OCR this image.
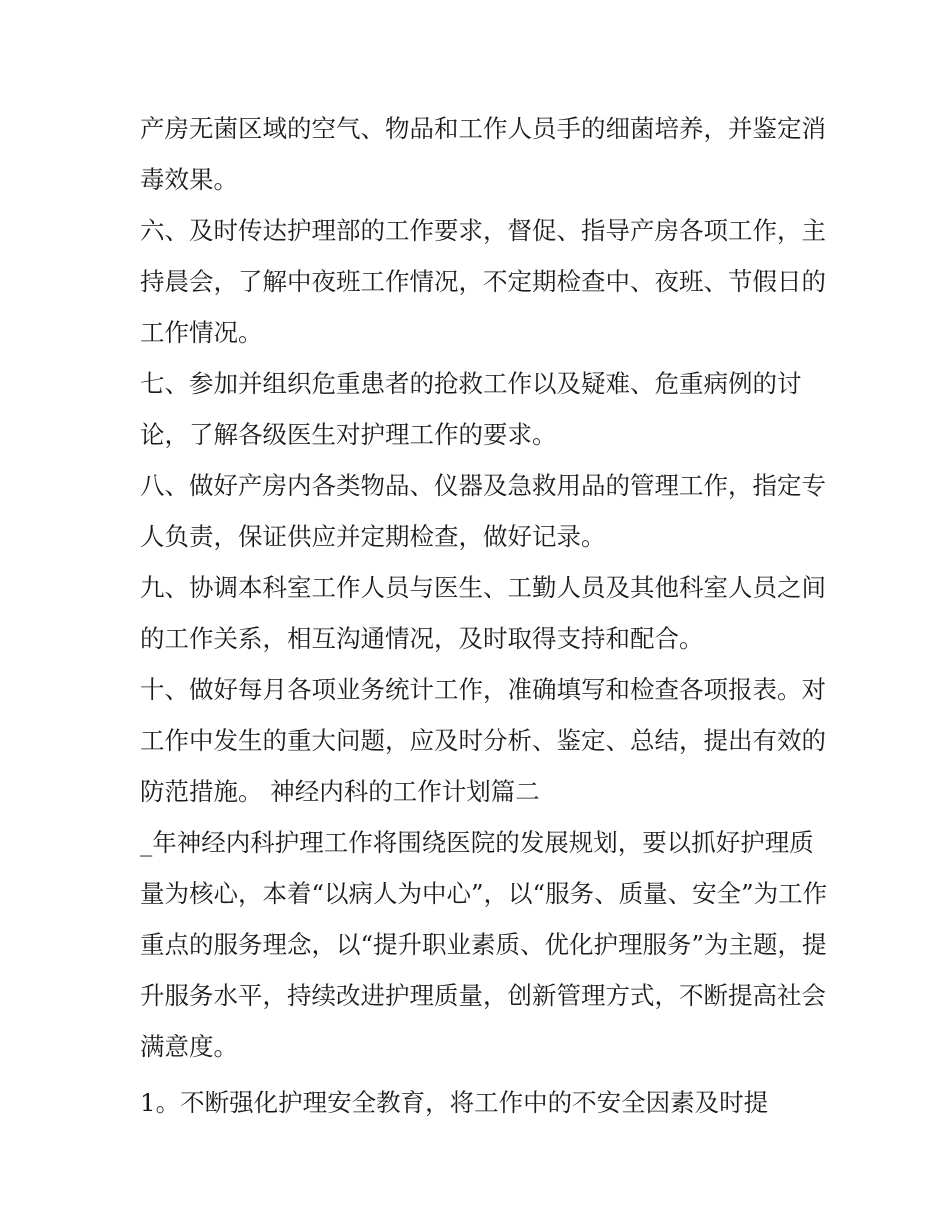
产房无菌区域的空气、物品和工作人员手的细菌培养，并鉴定消毒效果。

六、及时传达护理部的工作要求，督促、指导产房各项工作，主持晨会，了解中夜班工作情况，不定期检查中、夜班、节假日的工作情况。

七、参加并组织危重患者的抢救工作以及疑难、危重病例的讨论，了解各级医生对护理工作的要求。

八、做好产房内各类物品、仪器及急救用品的管理工作，指定专人负责，保证供应并定期检查，做好记录。

九、协调本科室工作人员与医生、工勤人员及其他科室人员之间的工作关系，相互沟通情况，及时取得支持和配合。

十、做好每月各项业务统计工作，准确填写和检查各项报表。对工作中发生的重大问题，应及时分析、鉴定、总结，提出有效的防范措施。 神经内科的工作计划篇二

_年神经内科护理工作将围绕医院的发展规划，要以抓好护理质量为核心，本着“以病人为中心”，以“服务、质量、安全”为工作重点的服务理念，以“提升职业素质、优化护理服务”为主题，提升服务水平，持续改进护理质量，创新管理方式，不断提高社会满意度。

1。不断强化护理安全教育，将工作中的不安全因素及时提
